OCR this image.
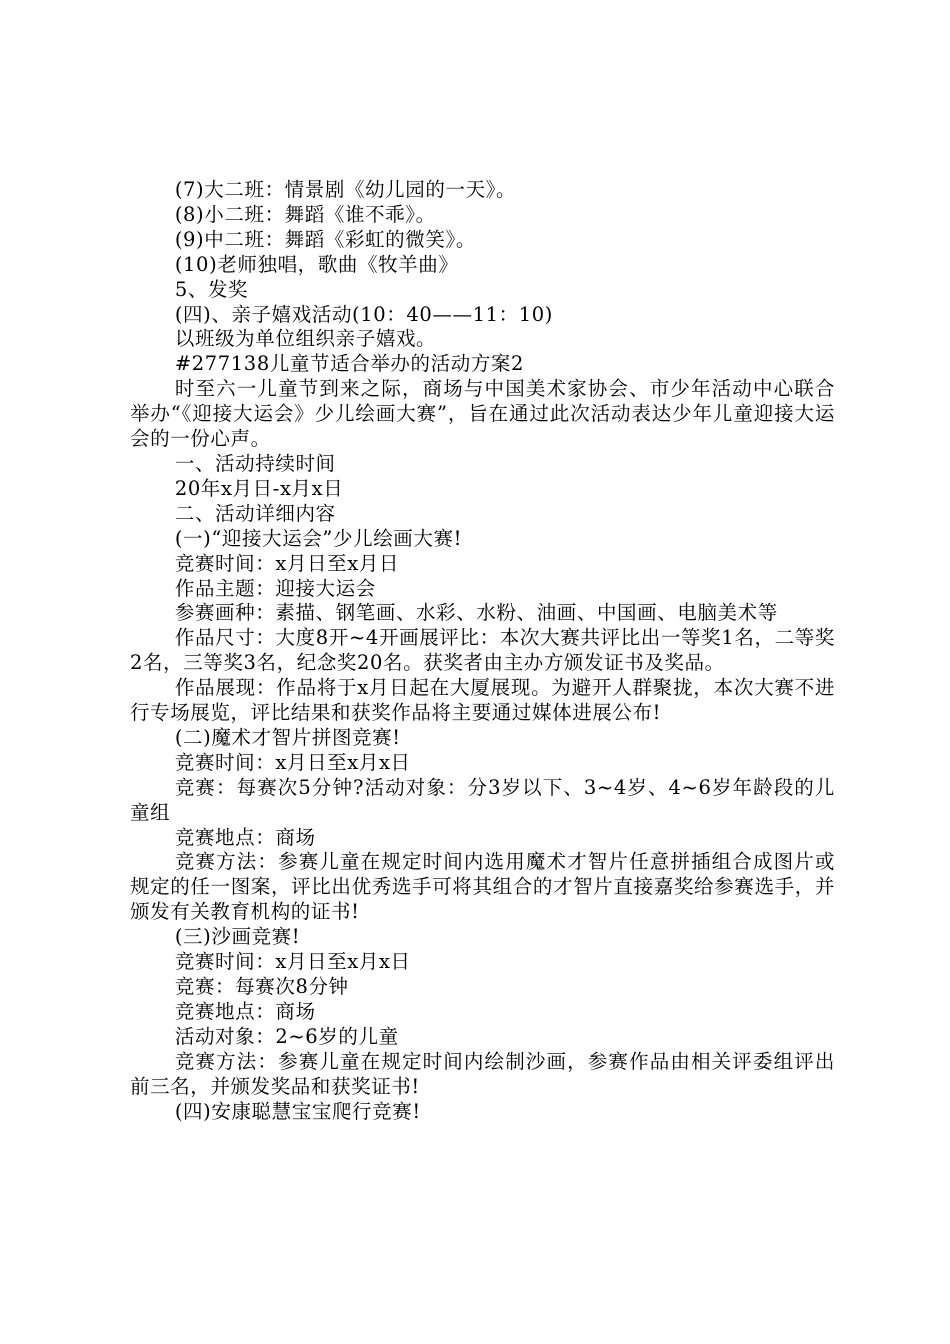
(7)大二班：情景剧《幼儿园的一天》。

(8)小二班：舞蹈《谁不乖》。

(9)中二班：舞蹈《彩虹的微笑》。

(10)老师独唱，歌曲《牧羊曲》

5、发奖

(四)、亲子嬉戏活动(10：40——11：10)

以班级为单位组织亲子嬉戏。

#277138儿童节适合举办的活动方案2

时至六一儿童节到来之际，商场与中国美术家协会、市少年活动中心联合举办“《迎接大运会》少儿绘画大赛”，旨在通过此次活动表达少年儿童迎接大运会的一份心声。

一、活动持续时间

20年x月日-x月x日

二、活动详细内容

(一)“迎接大运会”少儿绘画大赛!

竞赛时间：x月日至x月日

作品主题：迎接大运会

参赛画种：素描、钢笔画、水彩、水粉、油画、中国画、电脑美术等

作品尺寸：大度8开~4开画展评比：本次大赛共评比出一等奖1名，二等奖2名，三等奖3名，纪念奖20名。获奖者由主办方颁发证书及奖品。

作品展现：作品将于x月日起在大厦展现。为避开人群聚拢，本次大赛不进行专场展览，评比结果和获奖作品将主要通过媒体进展公布!

(二)魔术才智片拼图竞赛!

竞赛时间：x月日至x月x日

竞赛：每赛次5分钟?活动对象：分3岁以下、3~4岁、4~6岁年龄段的儿童组

竞赛地点：商场

竞赛方法：参赛儿童在规定时间内选用魔术才智片任意拼插组合成图片或规定的任一图案，评比出优秀选手可将其组合的才智片直接嘉奖给参赛选手，并颁发有关教育机构的证书!

(三)沙画竞赛!

竞赛时间：x月日至x月x日

竞赛：每赛次8分钟

竞赛地点：商场

活动对象：2~6岁的儿童

竞赛方法：参赛儿童在规定时间内绘制沙画，参赛作品由相关评委组评出前三名，并颁发奖品和获奖证书!

(四)安康聪慧宝宝爬行竞赛!
